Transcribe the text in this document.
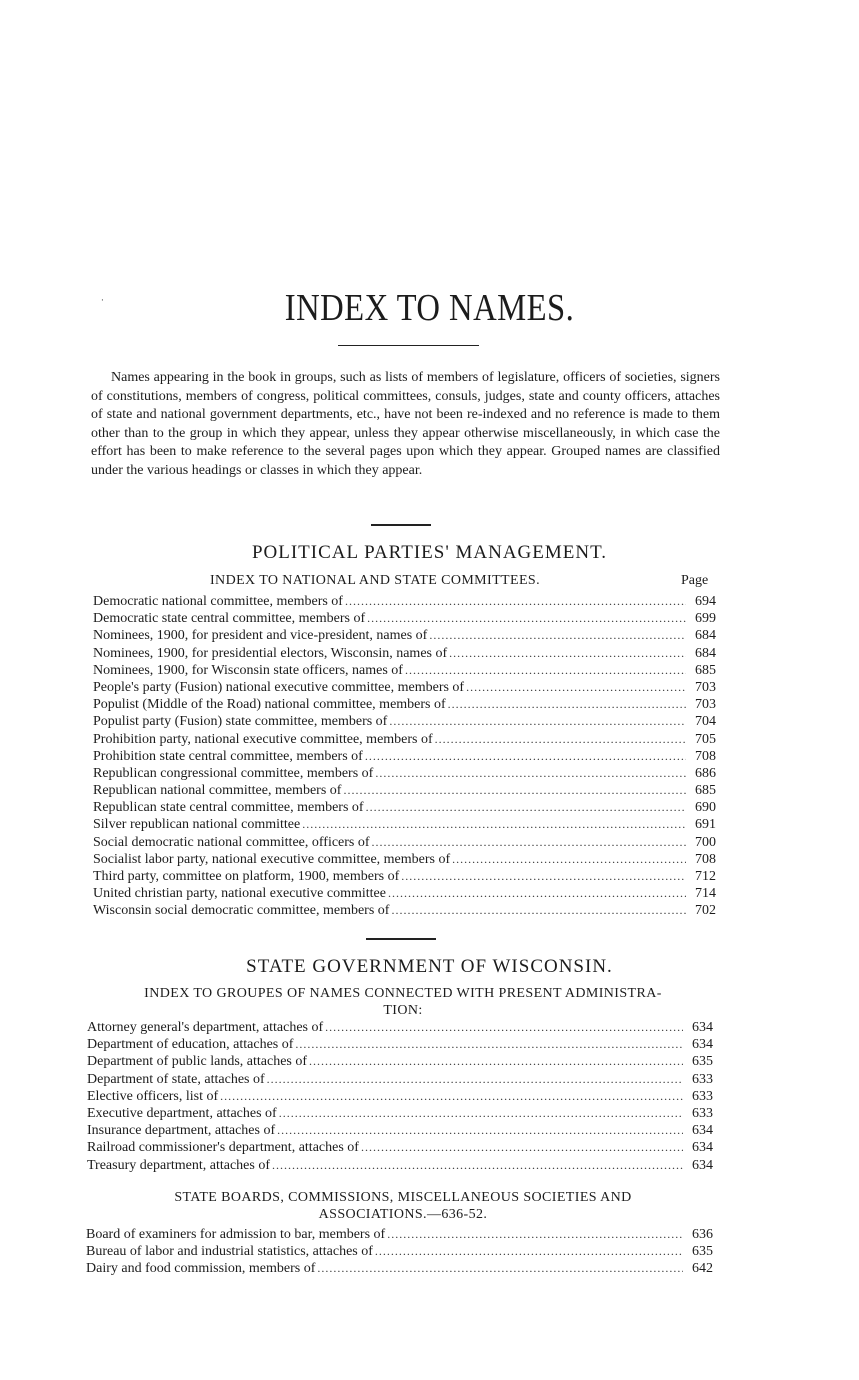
·	INDEX TO NAMES.

Names appearing in the book in groups, such as lists of members of legislature, officers of societies, signers of constitutions, members of congress, political committees, consuls, judges, state and county officers, attaches of state and national government departments, etc., have not been re-indexed and no reference is made to them other than to the group in which they appear, unless they appear otherwise miscellaneously, in which case the effort has been to make reference to the several pages upon which they appear. Grouped names are classified under the various headings or classes in which they appear.

POLITICAL PARTIES' MANAGEMENT.
INDEX TO NATIONAL AND STATE COMMITTEES.	Page
Democratic national committee, members of .....	694
Democratic state central committee, members of .....	699
Nominees, 1900, for president and vice-president, names of .....	684
Nominees, 1900, for presidential electors, Wisconsin, names of .....	684
Nominees, 1900, for Wisconsin state officers, names of .....	685
People's party (Fusion) national executive committee, members of .....	703
Populist (Middle of the Road) national committee, members of .....	703
Populist party (Fusion) state committee, members of .....	704
Prohibition party, national executive committee, members of .....	705
Prohibition state central committee, members of .....	708
Republican congressional committee, members of .....	686
Republican national committee, members of .....	685
Republican state central committee, members of .....	690
Silver republican national committee .....	691
Social democratic national committee, officers of .....	700
Socialist labor party, national executive committee, members of .....	708
Third party, committee on platform, 1900, members of .....	712
United christian party, national executive committee .....	714
Wisconsin social democratic committee, members of .....	702
STATE GOVERNMENT OF WISCONSIN.
INDEX TO GROUPES OF NAMES CONNECTED WITH PRESENT ADMINISTRA-
TION:
Attorney general's department, attaches of .....	634
Department of education, attaches of .....	634
Department of public lands, attaches of .....	635
Department of state, attaches of .....	633
Elective officers, list of .....	633
Executive department, attaches of .....	633
Insurance department, attaches of .....	634
Railroad commissioner's department, attaches of .....	634
Treasury department, attaches of .....	634
STATE BOARDS, COMMISSIONS, MISCELLANEOUS SOCIETIES AND
ASSOCIATIONS.—636-52.
Board of examiners for admission to bar, members of .....	636
Bureau of labor and industrial statistics, attaches of .....	635
Dairy and food commission, members of .....	642
